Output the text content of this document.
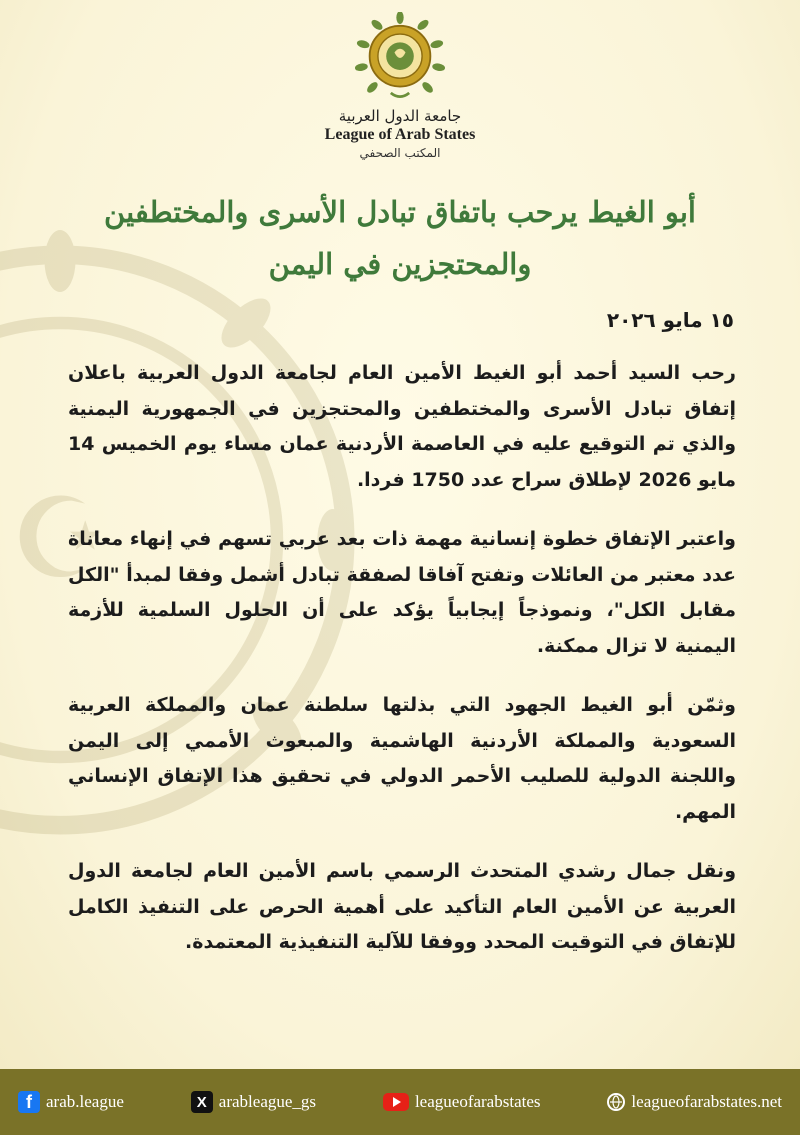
☪
جامعة الدول العربية
League of Arab States
المكتب الصحفي
أبو الغيط يرحب باتفاق تبادل الأسرى والمختطفين
والمحتجزين في اليمن
١٥ مايو ٢٠٢٦

رحب السيد أحمد أبو الغيط الأمين العام لجامعة الدول العربية باعلان إتفاق تبادل الأسرى والمختطفين والمحتجزين في الجمهورية اليمنية والذي تم التوقيع عليه في العاصمة الأردنية عمان مساء يوم الخميس 14 مايو 2026 لإطلاق سراح عدد 1750 فردا.

واعتبر الإتفاق خطوة إنسانية مهمة ذات بعد عربي تسهم في إنهاء معاناة عدد معتبر من العائلات وتفتح آفاقا لصفقة تبادل أشمل وفقا لمبدأ "الكل مقابل الكل"، ونموذجاً إيجابياً يؤكد على أن الحلول السلمية للأزمة اليمنية لا تزال ممكنة.

وثمّن أبو الغيط الجهود التي بذلتها سلطنة عمان والمملكة العربية السعودية والمملكة الأردنية الهاشمية والمبعوث الأممي إلى اليمن واللجنة الدولية للصليب الأحمر الدولي في تحقيق هذا الإتفاق الإنساني المهم.

ونقل جمال رشدي المتحدث الرسمي باسم الأمين العام لجامعة الدول العربية عن الأمين العام التأكيد على أهمية الحرص على التنفيذ الكامل للإتفاق في التوقيت المحدد ووفقا للآلية التنفيذية المعتمدة.

f arab.league	X arableague_gs	leagueofarabstates	leagueofarabstates.net
